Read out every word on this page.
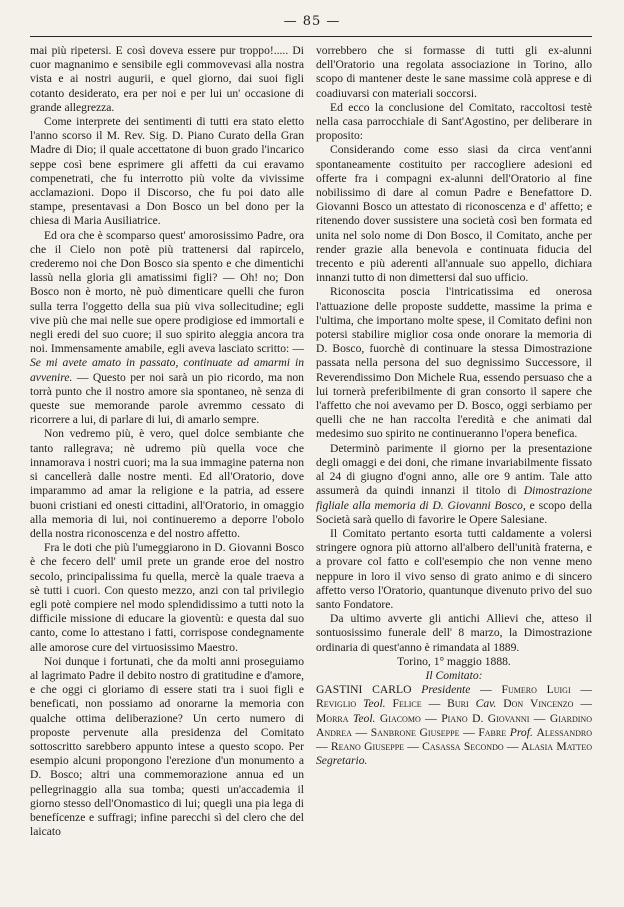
— 85 —

mai più ripetersi. E così doveva essere pur troppo!..... Di cuor magnanimo e sensibile egli commovevasi alla nostra vista e ai nostri augurii, e quel giorno, dai suoi figli cotanto desiderato, era per noi e per lui un' occasione di grande allegrezza.

Come interprete dei sentimenti di tutti era stato eletto l'anno scorso il M. Rev. Sig. D. Piano Curato della Gran Madre di Dio; il quale accettatone di buon grado l'incarico seppe così bene esprimere gli affetti da cui eravamo compenetrati, che fu interrotto più volte da vivissime acclamazioni. Dopo il Discorso, che fu poi dato alle stampe, presentavasi a Don Bosco un bel dono per la chiesa di Maria Ausiliatrice.

Ed ora che è scomparso quest' amorosissimo Padre, ora che il Cielo non potè più trattenersi dal rapircelo, crederemo noi che Don Bosco sia spento e che dimentichi lassù nella gloria gli amatissimi figli? — Oh! no; Don Bosco non è morto, nè può dimenticare quelli che furon sulla terra l'oggetto della sua più viva sollecitudine; egli vive più che mai nelle sue opere prodigiose ed immortali e negli eredi del suo cuore; il suo spirito aleggia ancora tra noi. Immensamente amabile, egli aveva lasciato scritto: — Se mi avete amato in passato, continuate ad amarmi in avvenire. — Questo per noi sarà un pio ricordo, ma non torrà punto che il nostro amore sia spontaneo, nè senza di queste sue memorande parole avremmo cessato di ricorrere a lui, di parlare di lui, di amarlo sempre.

Non vedremo più, è vero, quel dolce sembiante che tanto rallegrava; nè udremo più quella voce che innamorava i nostri cuori; ma la sua immagine paterna non si cancellerà dalle nostre menti. Ed all'Oratorio, dove imparammo ad amar la religione e la patria, ad essere buoni cristiani ed onesti cittadini, all'Oratorio, in omaggio alla memoria di lui, noi continueremo a deporre l'obolo della nostra riconoscenza e del nostro affetto.

Fra le doti che più l'umeggiarono in D. Giovanni Bosco è che fecero dell' umil prete un grande eroe del nostro secolo, principalissima fu quella, mercè la quale traeva a sè tutti i cuori. Con questo mezzo, anzi con tal privilegio egli potè compiere nel modo splendidissimo a tutti noto la difficile missione di educare la gioventù: e questa dal suo canto, come lo attestano i fatti, corrispose condegnamente alle amorose cure del virtuosissimo Maestro.

Noi dunque i fortunati, che da molti anni proseguiamo al lagrimato Padre il debito nostro di gratitudine e d'amore, e che oggi ci gloriamo di essere stati tra i suoi figli e beneficati, non possiamo ad onorarne la memoria con qualche ottima deliberazione? Un certo numero di proposte pervenute alla presidenza del Comitato sottoscritto sarebbero appunto intese a questo scopo. Per esempio alcuni propongono l'erezione d'un monumento a D. Bosco; altri una commemorazione annua ed un pellegrinaggio alla sua tomba; questi un'accademia il giorno stesso dell'Onomastico di lui; quegli una pia lega di benefícenze e suffragi; infine parecchi sì del clero che del laicato

vorrebbero che si formasse di tutti gli ex-alunni dell'Oratorio una regolata associazione in Torino, allo scopo di mantener deste le sane massime colà apprese e di coadiuvarsi con materiali soccorsi.

Ed ecco la conclusione del Comitato, raccoltosi testè nella casa parrocchiale di Sant'Agostino, per deliberare in proposito:

Considerando come esso siasi da circa vent'anni spontaneamente costituito per raccogliere adesioni ed offerte fra i compagni ex-alunni dell'Oratorio al fine nobilissimo di dare al comun Padre e Benefattore D. Giovanni Bosco un attestato di riconoscenza e d' affetto; e ritenendo dover sussistere una società così ben formata ed unita nel solo nome di Don Bosco, il Comitato, anche per render grazie alla benevola e continuata fiducia del trecento e più aderenti all'annuale suo appello, dichiara innanzi tutto di non dimettersi dal suo ufficio.

Riconoscita poscia l'intricatissima ed onerosa l'attuazione delle proposte suddette, massime la prima e l'ultima, che importano molte spese, il Comitato defini non potersi stabilire miglior cosa onde onorare la memoria di D. Bosco, fuorchè di continuare la stessa Dimostrazione passata nella persona del suo degnissimo Successore, il Reverendissimo Don Michele Rua, essendo persuaso che a lui tornerà preferibilmente di gran consorto il sapere che l'affetto che noi avevamo per D. Bosco, oggi serbiamo per quelli che ne han raccolta l'eredità e che animati dal medesimo suo spirito ne continueranno l'opera benefica.

Determinò parimente il giorno per la presentazione degli omaggi e dei doni, che rimane invariabilmente fissato al 24 di giugno d'ogni anno, alle ore 9 antim. Tale atto assumerà da quindi innanzi il titolo di Dimostrazione figliale alla memoria di D. Giovanni Bosco, e scopo della Società sarà quello di favorire le Opere Salesiane.

Il Comitato pertanto esorta tutti caldamente a volersi stringere ognora più attorno all'albero dell'unità fraterna, e a provare col fatto e coll'esempio che non venne meno neppure in loro il vivo senso di grato animo e di sincero affetto verso l'Oratorio, quantunque divenuto privo del suo santo Fondatore.

Da ultimo avverte gli antichi Allievi che, atteso il sontuosissimo funerale dell' 8 marzo, la Dimostrazione ordinaria di quest'anno è rimandata al 1889.

Torino, 1° maggio 1888.

Il Comitato:

GASTINI CARLO Presidente — Fumero Luigi — Reviglio Teol. Felice — Buri Cav. Don Vincenzo — Morra Teol. Giacomo — Piano D. Giovanni — Giardino Andrea — Sanbrone Giuseppe — Fabre Prof. Alessandro — Reano Giuseppe — Casassa Secondo — Alasia Matteo Segretario.
